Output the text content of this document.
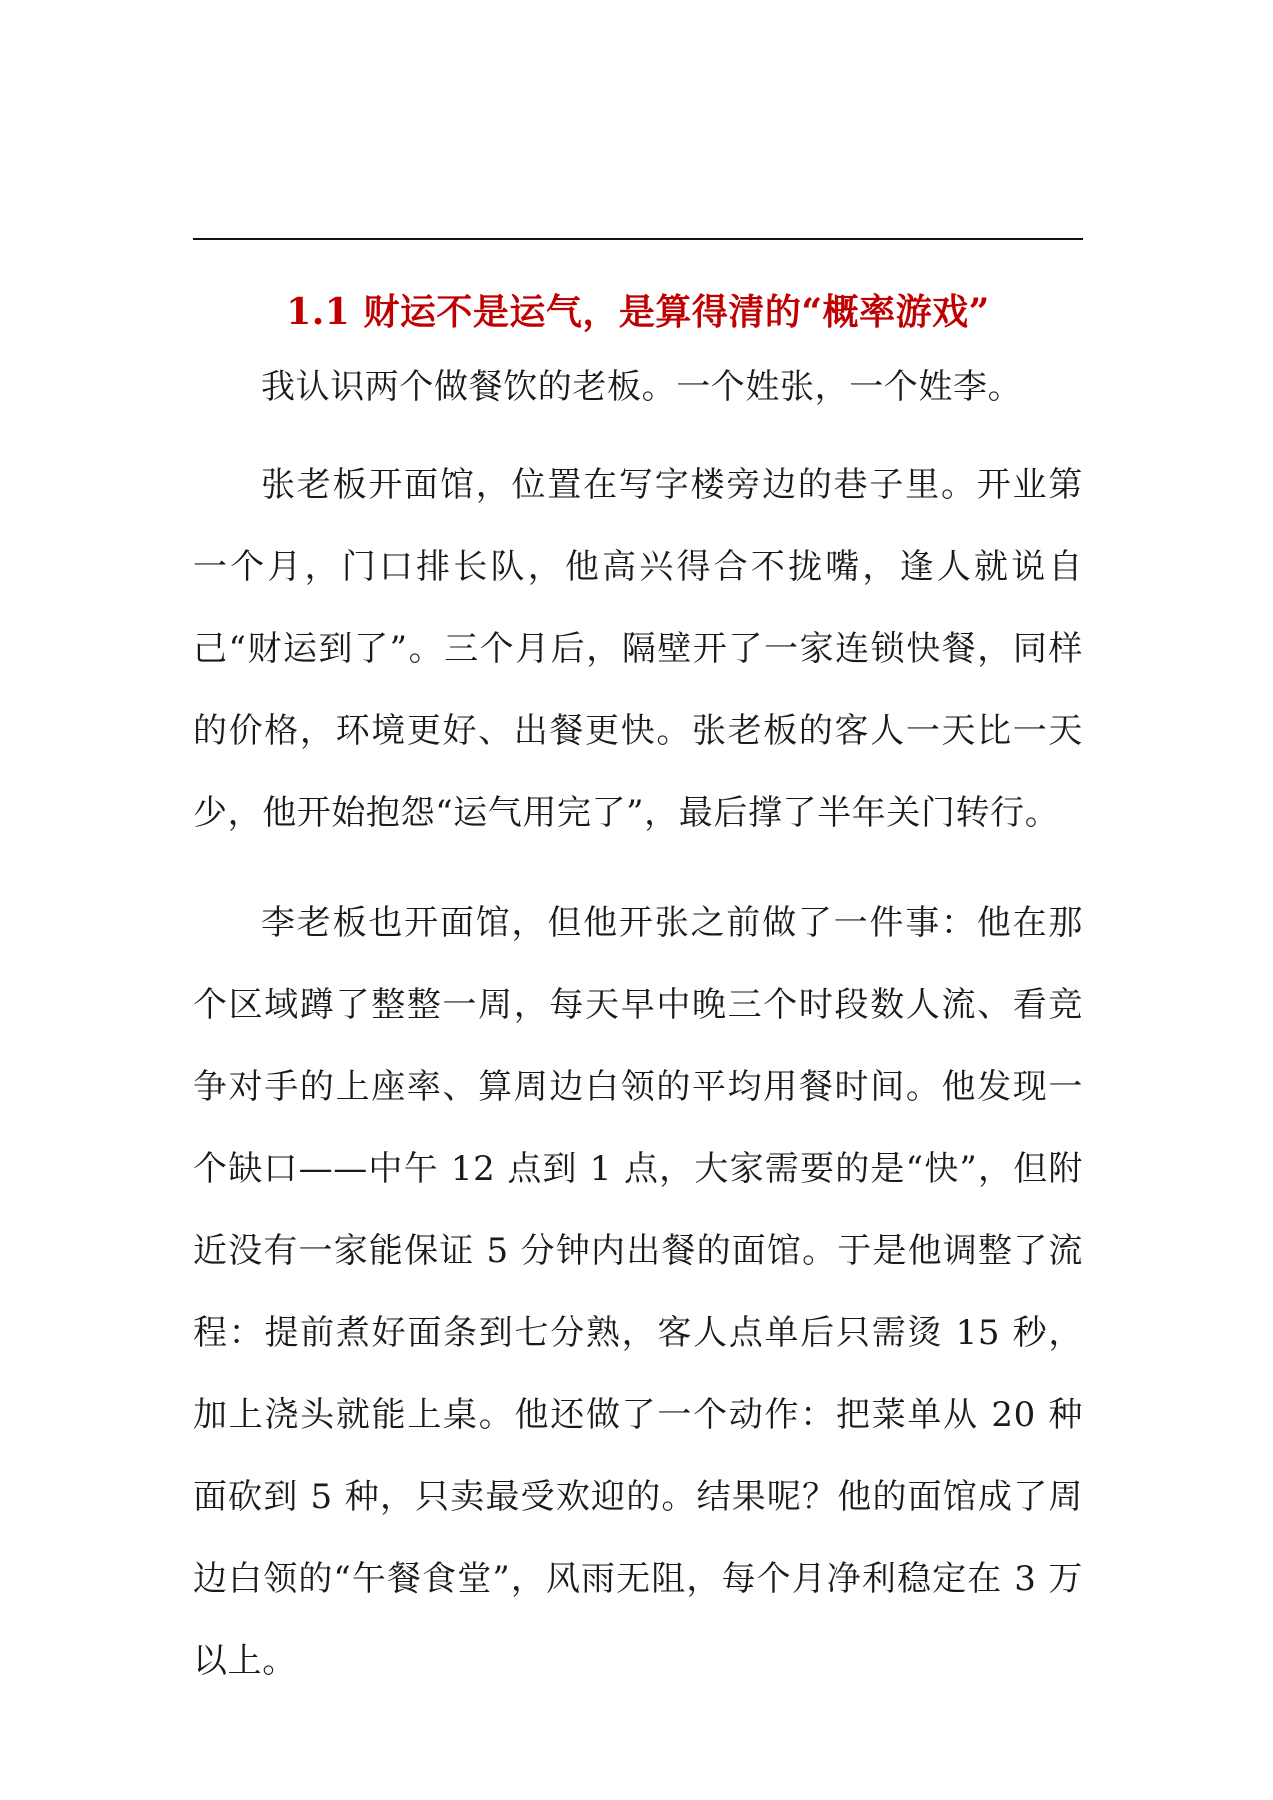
1.1 财运不是运气，是算得清的“概率游戏”

我认识两个做餐饮的老板。一个姓张，一个姓李。

张老板开面馆，位置在写字楼旁边的巷子里。开业第一个月，门口排长队，他高兴得合不拢嘴，逢人就说自己“财运到了”。三个月后，隔壁开了一家连锁快餐，同样的价格，环境更好、出餐更快。张老板的客人一天比一天少，他开始抱怨“运气用完了”，最后撑了半年关门转行。

李老板也开面馆，但他开张之前做了一件事：他在那个区域蹲了整整一周，每天早中晚三个时段数人流、看竞争对手的上座率、算周边白领的平均用餐时间。他发现一个缺口——中午 12 点到 1 点，大家需要的是“快”，但附近没有一家能保证 5 分钟内出餐的面馆。于是他调整了流程：提前煮好面条到七分熟，客人点单后只需烫 15 秒，加上浇头就能上桌。他还做了一个动作：把菜单从 20 种面砍到 5 种，只卖最受欢迎的。结果呢？他的面馆成了周边白领的“午餐食堂”，风雨无阻，每个月净利稳定在 3 万以上。
